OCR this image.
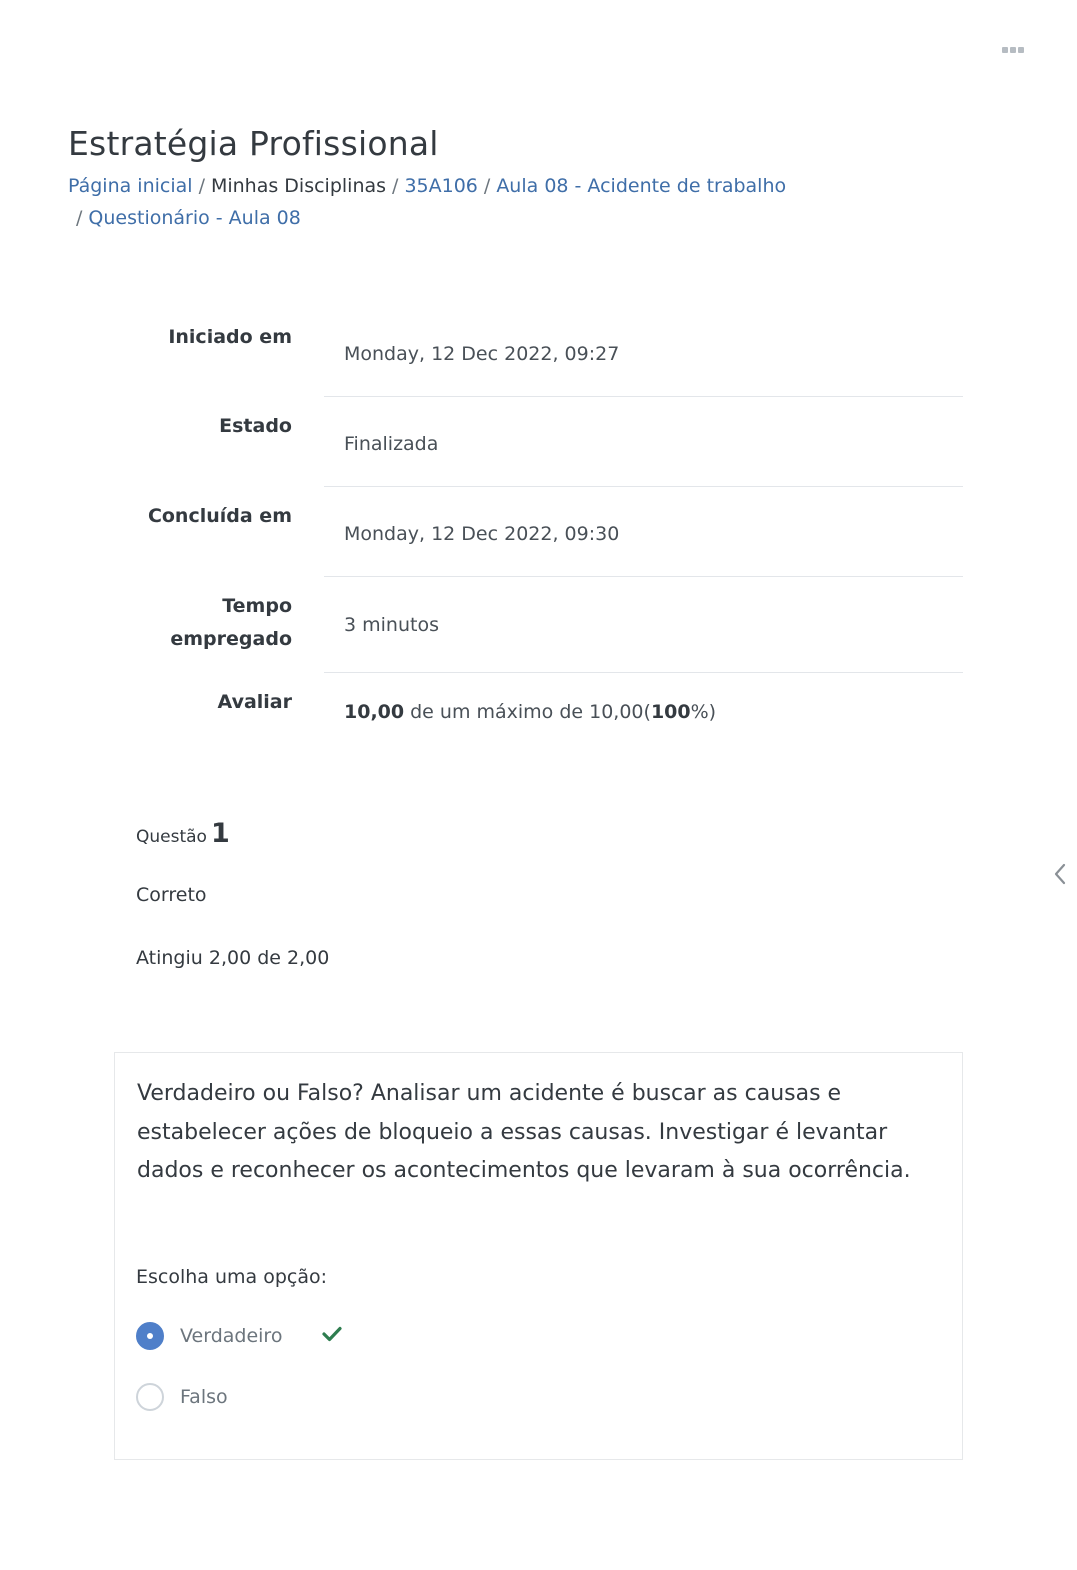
Estratégia Profissional
Página inicial / Minhas Disciplinas / 35A106 / Aula 08 - Acidente de trabalho
/ Questionário - Aula 08
Iniciado em
Monday, 12 Dec 2022, 09:27
Estado
Finalizada
Concluída em
Monday, 12 Dec 2022, 09:30
Tempo
empregado
3 minutos
Avaliar	10,00 de um máximo de 10,00( 100 %)
Questão 1
Correto
Atingiu 2,00 de 2,00

Verdadeiro ou Falso? Analisar um acidente é buscar as causas e estabelecer ações de bloqueio a essas causas. Investigar é levantar dados e reconhecer os acontecimentos que levaram à sua ocorrência.

Escolha uma opção:
Verdadeiro
Falso
